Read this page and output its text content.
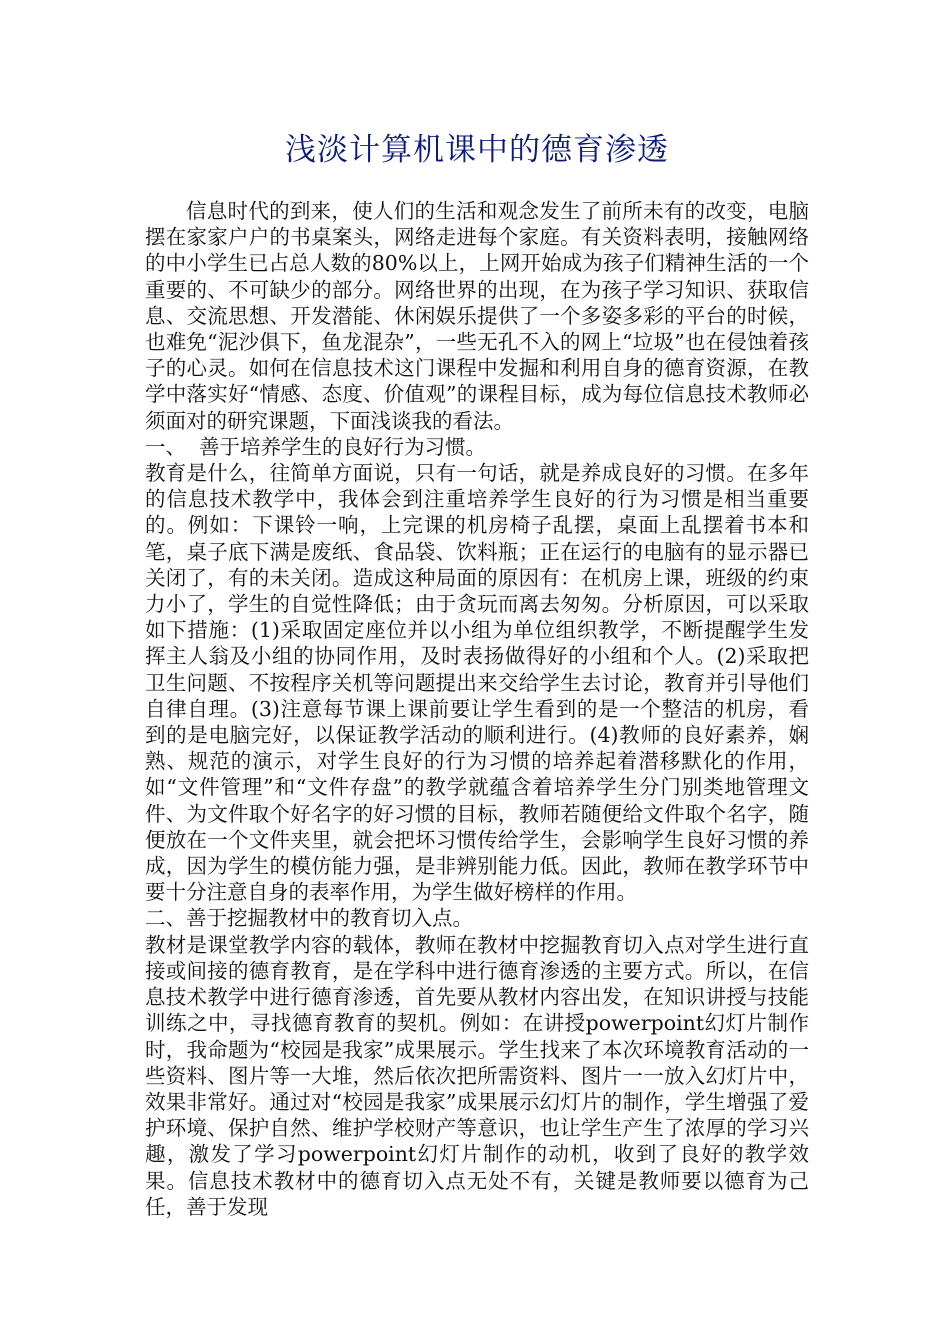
浅淡计算机课中的德育渗透

信息时代的到来，使人们的生活和观念发生了前所未有的改变，电脑摆在家家户户的书桌案头，网络走进每个家庭。有关资料表明，接触网络的中小学生已占总人数的80%以上，上网开始成为孩子们精神生活的一个重要的、不可缺少的部分。网络世界的出现，在为孩子学习知识、获取信息、交流思想、开发潜能、休闲娱乐提供了一个多姿多彩的平台的时候，也难免“泥沙俱下，鱼龙混杂”，一些无孔不入的网上“垃圾”也在侵蚀着孩子的心灵。如何在信息技术这门课程中发掘和利用自身的德育资源，在教学中落实好“情感、态度、价值观”的课程目标，成为每位信息技术教师必须面对的研究课题，下面浅谈我的看法。

一、  善于培养学生的良好行为习惯。

教育是什么，往简单方面说，只有一句话，就是养成良好的习惯。在多年的信息技术教学中，我体会到注重培养学生良好的行为习惯是相当重要的。例如：下课铃一响，上完课的机房椅子乱摆，桌面上乱摆着书本和笔，桌子底下满是废纸、食品袋、饮料瓶；正在运行的电脑有的显示器已关闭了，有的未关闭。造成这种局面的原因有：在机房上课，班级的约束力小了，学生的自觉性降低；由于贪玩而离去匆匆。分析原因，可以采取如下措施：(1)采取固定座位并以小组为单位组织教学，不断提醒学生发挥主人翁及小组的协同作用，及时表扬做得好的小组和个人。(2)采取把卫生问题、不按程序关机等问题提出来交给学生去讨论，教育并引导他们自律自理。(3)注意每节课上课前要让学生看到的是一个整洁的机房，看到的是电脑完好，以保证教学活动的顺利进行。(4)教师的良好素养，娴熟、规范的演示，对学生良好的行为习惯的培养起着潜移默化的作用，如“文件管理”和“文件存盘”的教学就蕴含着培养学生分门别类地管理文件、为文件取个好名字的好习惯的目标，教师若随便给文件取个名字，随便放在一个文件夹里，就会把坏习惯传给学生，会影响学生良好习惯的养成，因为学生的模仿能力强，是非辨别能力低。因此，教师在教学环节中要十分注意自身的表率作用，为学生做好榜样的作用。

二、善于挖掘教材中的教育切入点。

教材是课堂教学内容的载体，教师在教材中挖掘教育切入点对学生进行直接或间接的德育教育，是在学科中进行德育渗透的主要方式。所以，在信息技术教学中进行德育渗透，首先要从教材内容出发，在知识讲授与技能训练之中，寻找德育教育的契机。例如：在讲授powerpoint幻灯片制作时，我命题为“校园是我家”成果展示。学生找来了本次环境教育活动的一些资料、图片等一大堆，然后依次把所需资料、图片一一放入幻灯片中，效果非常好。通过对“校园是我家”成果展示幻灯片的制作，学生增强了爱护环境、保护自然、维护学校财产等意识，也让学生产生了浓厚的学习兴趣，激发了学习powerpoint幻灯片制作的动机，收到了良好的教学效果。信息技术教材中的德育切入点无处不有，关键是教师要以德育为己任，善于发现
